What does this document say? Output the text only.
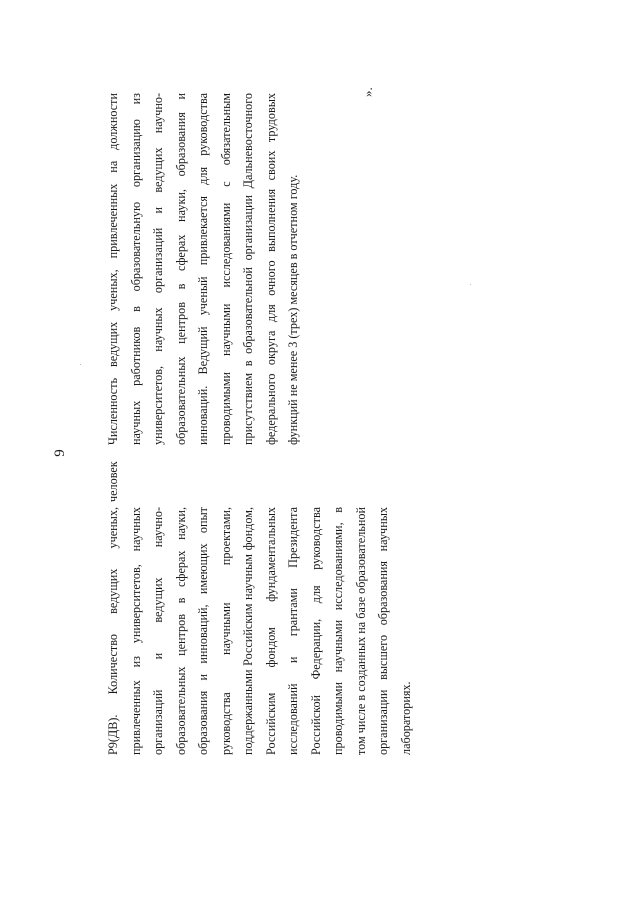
9
Р9(ДВ). Количество ведущих ученых, привлеченных из университетов, научных организаций и ведущих научно-образовательных центров в сферах науки, образования и инноваций, имеющих опыт руководства научными проектами, поддержанными Российским научным фондом, Российским фондом фундаментальных исследований и грантами Президента Российской Федерации, для руководства проводимыми научными исследованиями, в том числе в созданных на базе образовательной организации высшего образования научных лабораториях.
человек
Численность ведущих ученых, привлеченных на должности научных работников в образовательную организацию из университетов, научных организаций и ведущих научно-образовательных центров в сферах науки, образования и инноваций. Ведущий ученый привлекается для руководства проводимыми научными исследованиями с обязательным присутствием в образовательной организации Дальневосточного федерального округа для очного выполнения своих трудовых функций не менее 3 (трех) месяцев в отчетном году.
».
